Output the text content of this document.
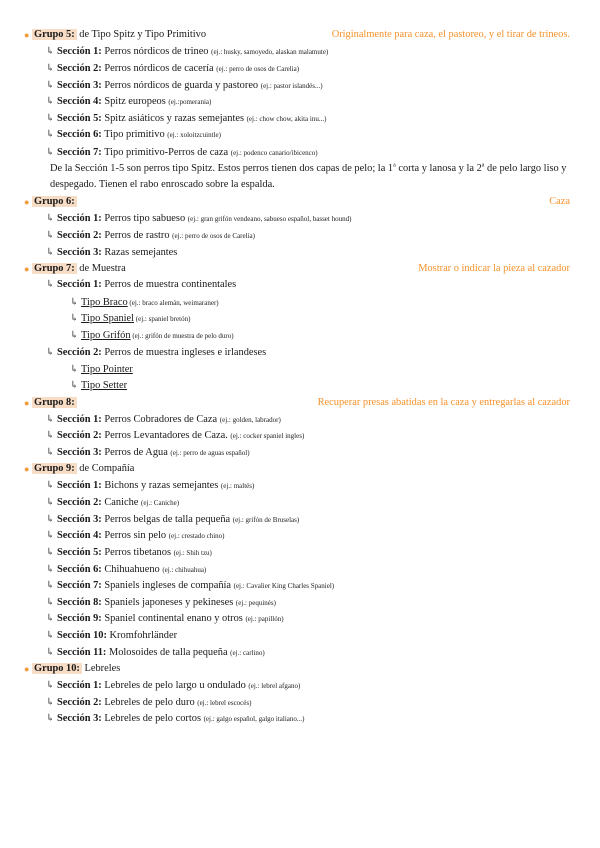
● Grupo 5: de Tipo Spitz y Tipo Primitivo	Originalmente para caza, el pastoreo, y el tirar de trineos.
↳ Sección 1: Perros nórdicos de trineo (ej.: husky, samoyedo, alaskan malamute)
↳ Sección 2: Perros nórdicos de cacería (ej.: perro de osos de Carelia)
↳ Sección 3: Perros nórdicos de guarda y pastoreo (ej.: pastor islandés...)
↳ Sección 4: Spitz europeos (ej.:pomerania)
↳ Sección 5: Spitz asiáticos y razas semejantes (ej.: chow chow, akita inu...)
↳ Sección 6: Tipo primitivo (ej.: xoloitzcuintle)
↳ Sección 7: Tipo primitivo-Perros de caza (ej.: podenco canario/ibicenco)
De la Sección 1-5 son perros tipo Spitz. Estos perros tienen dos capas de pelo; la 1$^a$ corta y lanosa y la 2$^a$ de pelo largo liso y despegado. Tienen el rabo enroscado sobre la espalda.
● Grupo 6:	Caza
↳ Sección 1: Perros tipo sabueso (ej.: gran grifón vendeano, sabueso español, basset hound)
↳ Sección 2: Perros de rastro (ej.: perro de osos de Carelia)
↳ Sección 3: Razas semejantes
● Grupo 7: de Muestra	Mostrar o indicar la pieza al cazador
↳ Sección 1: Perros de muestra continentales
↳ Tipo Braco (ej.: braco alemán, weimaraner)
↳ Tipo Spaniel (ej.: spaniel bretón)
↳ Tipo Grifón (ej.: grifón de muestra de pelo duro)
↳ Sección 2: Perros de muestra ingleses e irlandeses
↳ Tipo Pointer
↳ Tipo Setter
● Grupo 8:	Recuperar presas abatidas en la caza y entregarlas al cazador
↳ Sección 1: Perros Cobradores de Caza (ej.: golden, labrador)
↳ Sección 2: Perros Levantadores de Caza. (ej.: cocker spaniel ingles)
↳ Sección 3: Perros de Agua (ej.: perro de aguas español)
● Grupo 9: de Compañía
↳ Sección 1: Bichons y razas semejantes (ej.: maltés)
↳ Sección 2: Caniche (ej.: Caniche)
↳ Sección 3: Perros belgas de talla pequeña (ej.: grifón de Bruselas)
↳ Sección 4: Perros sin pelo (ej.: crestado chino)
↳ Sección 5: Perros tibetanos (ej.: Shih tzu)
↳ Sección 6: Chihuahueno (ej.: chihuahua)
↳ Sección 7: Spaniels ingleses de compañía (ej.: Cavalier King Charles Spaniel)
↳ Sección 8: Spaniels japoneses y pekineses (ej.: pequinés)
↳ Sección 9: Spaniel continental enano y otros (ej.: papillón)
↳ Sección 10: Kromfohrländer
↳ Sección 11: Molosoides de talla pequeña (ej.: carlino)
● Grupo 10: Lebreles
↳ Sección 1: Lebreles de pelo largo u ondulado (ej.: lebrel afgano)
↳ Sección 2: Lebreles de pelo duro (ej.: lebrel escocés)
↳ Sección 3: Lebreles de pelo cortos (ej.: galgo español, galgo italiano...)
